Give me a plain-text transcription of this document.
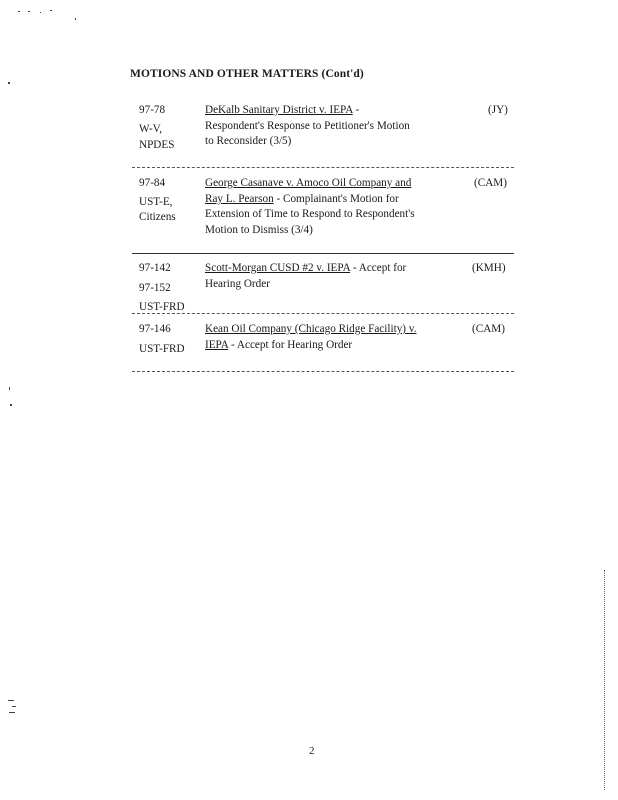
MOTIONS AND OTHER MATTERS (Cont'd)
97-78
W-V,
NPDES
DeKalb Sanitary District v. IEPA -
Respondent's Response to Petitioner's Motion
to Reconsider (3/5)
(JY)
97-84
UST-E,
Citizens
George Casanave v. Amoco Oil Company and
Ray L. Pearson - Complainant's Motion for
Extension of Time to Respond to Respondent's
Motion to Dismiss (3/4)
(CAM)
97-142
97-152
UST-FRD
Scott-Morgan CUSD #2 v. IEPA - Accept for
Hearing Order
(KMH)
97-146
UST-FRD
Kean Oil Company (Chicago Ridge Facility) v.
IEPA - Accept for Hearing Order
(CAM)
2
